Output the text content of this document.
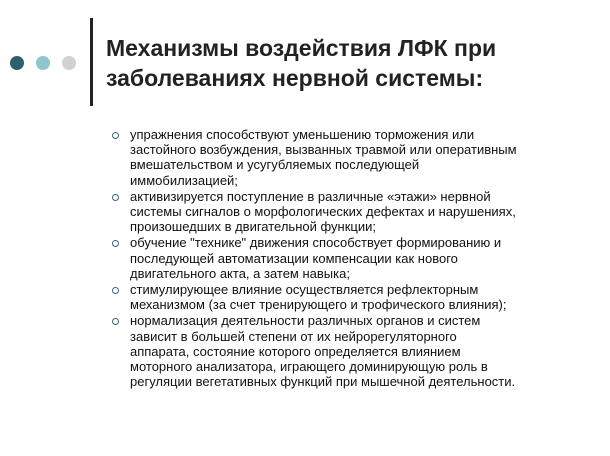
Механизмы воздействия ЛФК при
заболеваниях нервной системы:
упражнения способствуют уменьшению торможения или
застойного возбуждения, вызванных травмой или оперативным
вмешательством и усугубляемых последующей
иммобилизацией;
активизируется поступление в различные «этажи» нервной
системы сигналов о морфологических дефектах и нарушениях,
произошедших в двигательной функции;
обучение "технике" движения способствует формированию и
последующей автоматизации компенсации как нового
двигательного акта, а затем навыка;
стимулирующее влияние осуществляется рефлекторным
механизмом (за счет тренирующего и трофического влияния);
нормализация деятельности различных органов и систем
зависит в большей степени от их нейрорегуляторного
аппарата, состояние которого определяется влиянием
моторного анализатора, играющего доминирующую роль в
регуляции вегетативных функций при мышечной деятельности.
